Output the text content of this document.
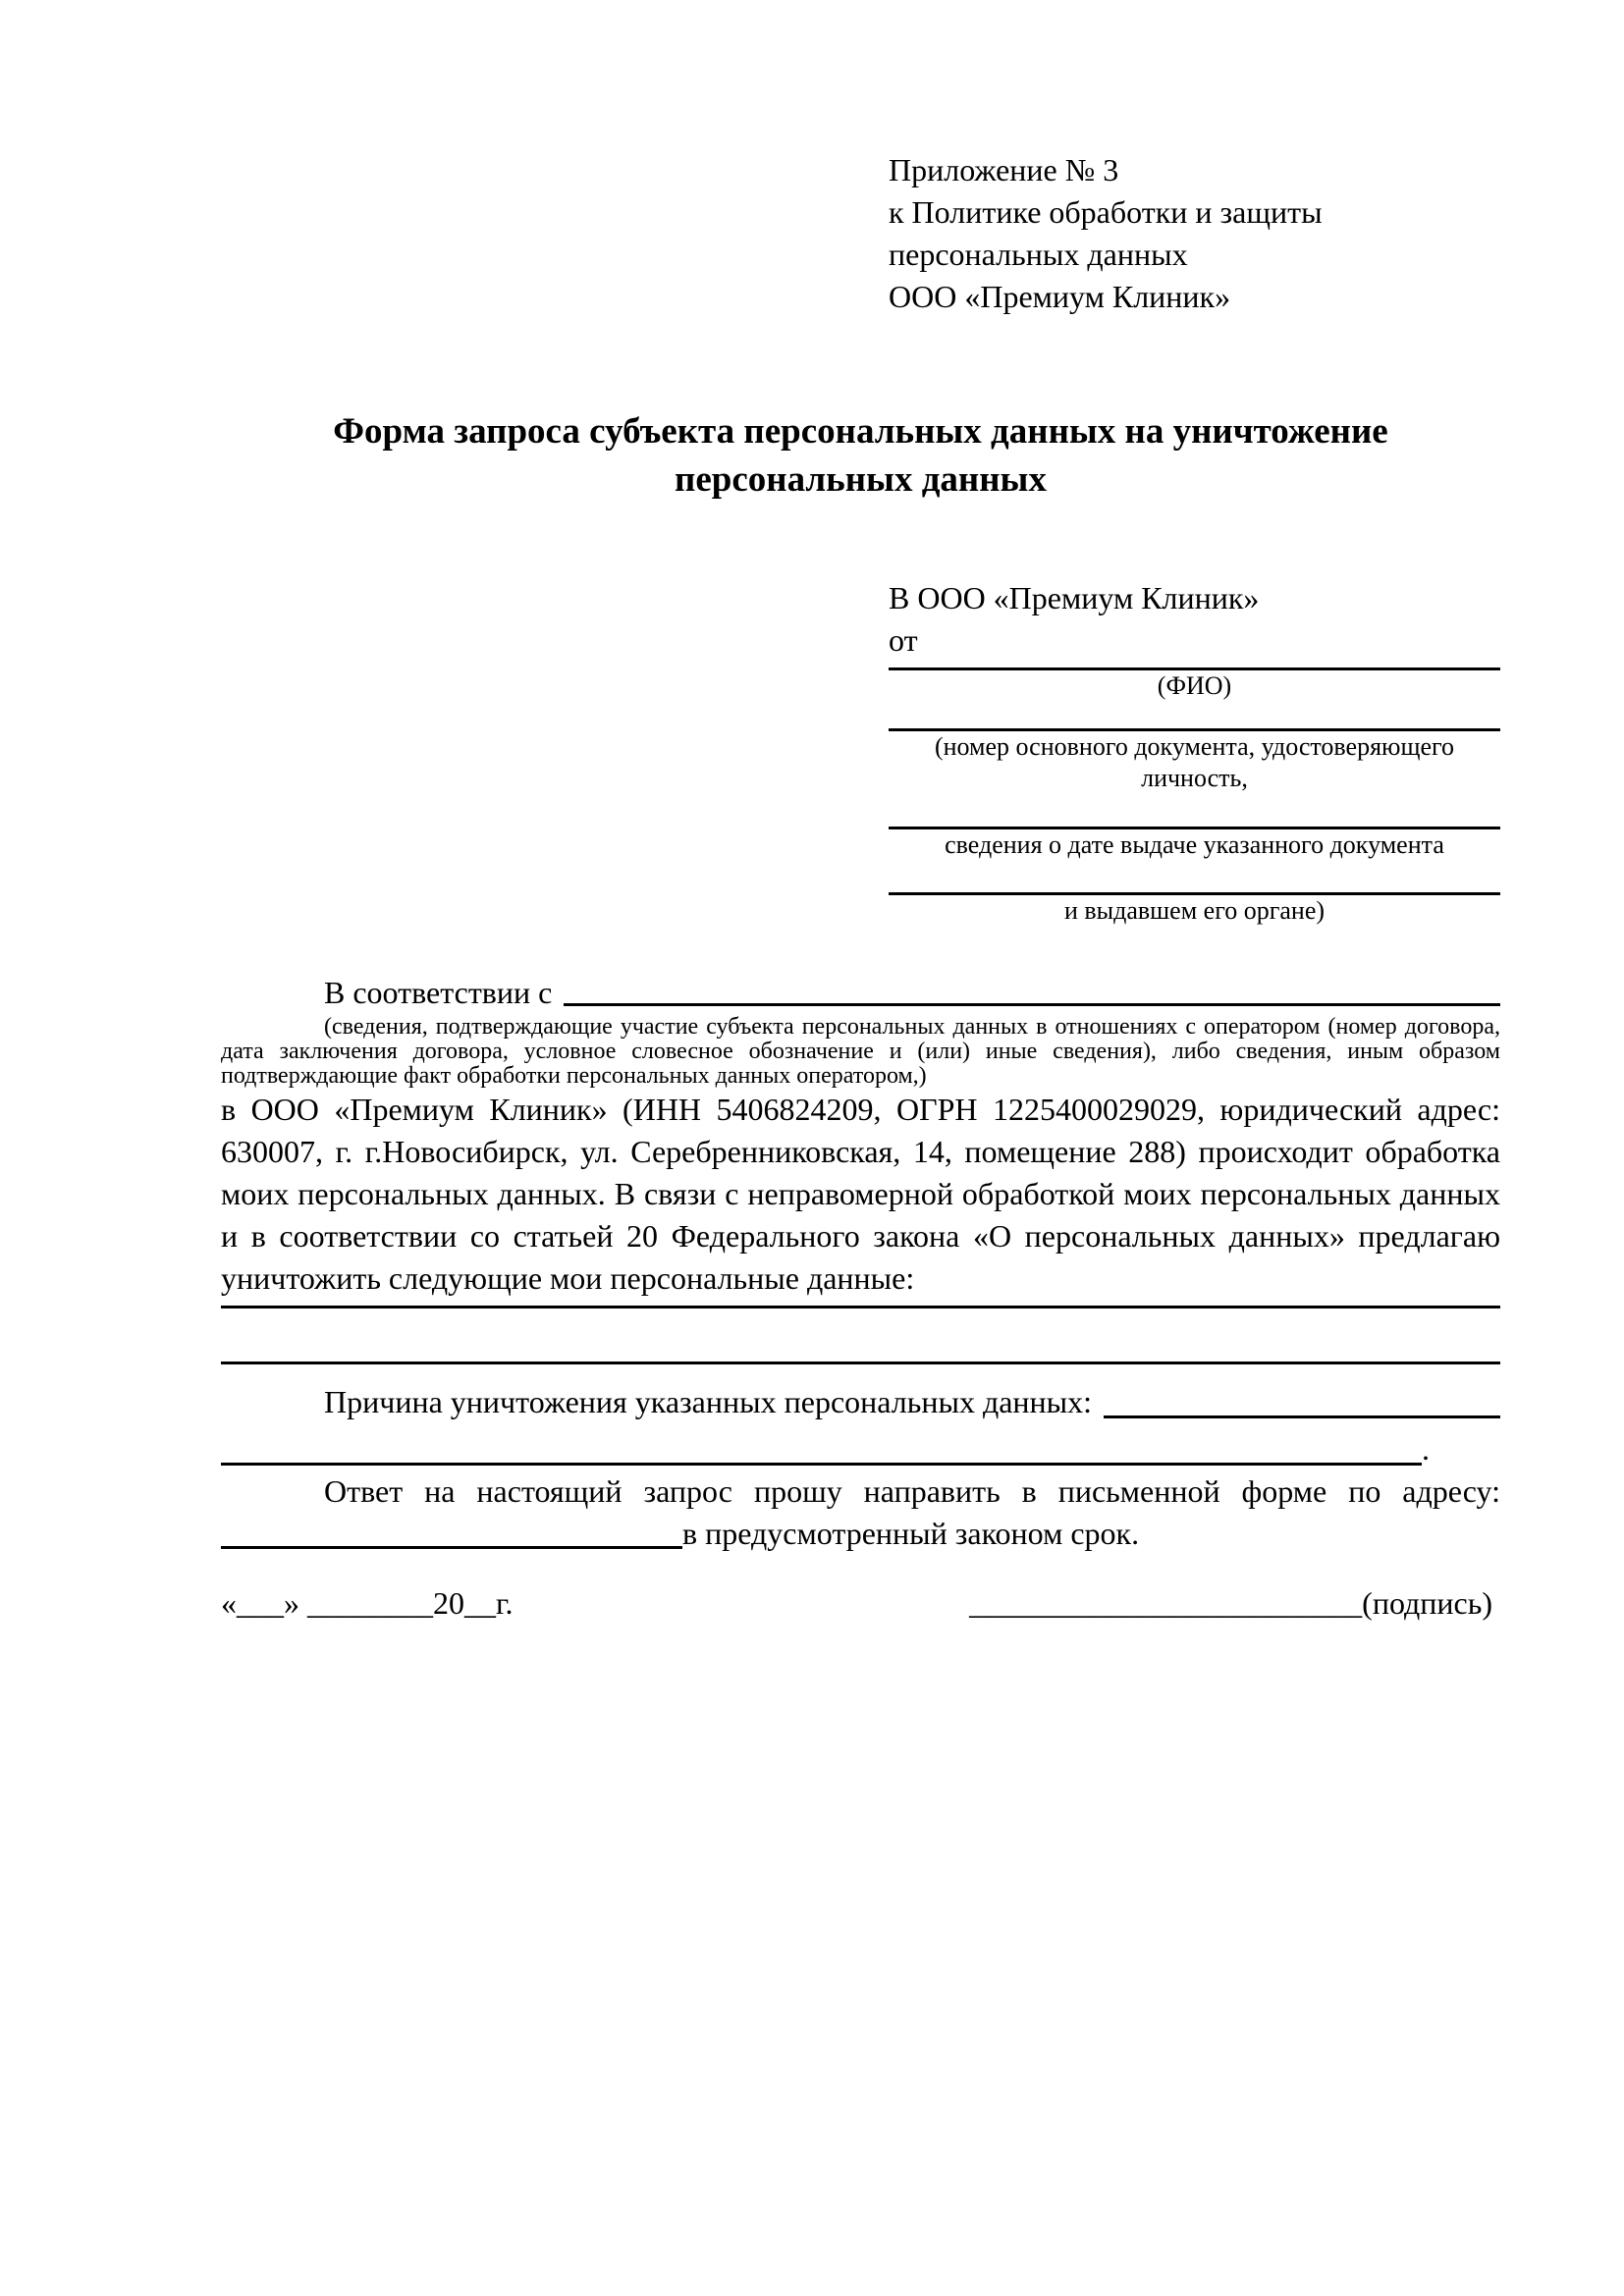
Приложение № 3
к Политике обработки и защиты
персональных данных
ООО «Премиум Клиник»
Форма запроса субъекта персональных данных на уничтожение персональных данных
В ООО «Премиум Клиник»
от
(ФИО)
(номер основного документа, удостоверяющего личность,
сведения о дате выдаче указанного документа
и выдавшем его органе)
В соответствии с
(сведения, подтверждающие участие субъекта персональных данных в отношениях с оператором (номер договора, дата заключения договора, условное словесное обозначение и (или) иные сведения), либо сведения, иным образом подтверждающие факт обработки персональных данных оператором,)
в ООО «Премиум Клиник» (ИНН 5406824209, ОГРН 1225400029029, юридический адрес: 630007, г. г.Новосибирск, ул. Серебренниковская, 14, помещение 288) происходит обработка моих персональных данных. В связи с неправомерной обработкой моих персональных данных и в соответствии со статьей 20 Федерального закона «О персональных данных» предлагаю уничтожить следующие мои персональные данные:
Причина уничтожения указанных персональных данных:
.
Ответ на настоящий запрос прошу направить в письменной форме по адресу:
в предусмотренный законом срок.
«___» ________20__г.	_________________________(подпись)
